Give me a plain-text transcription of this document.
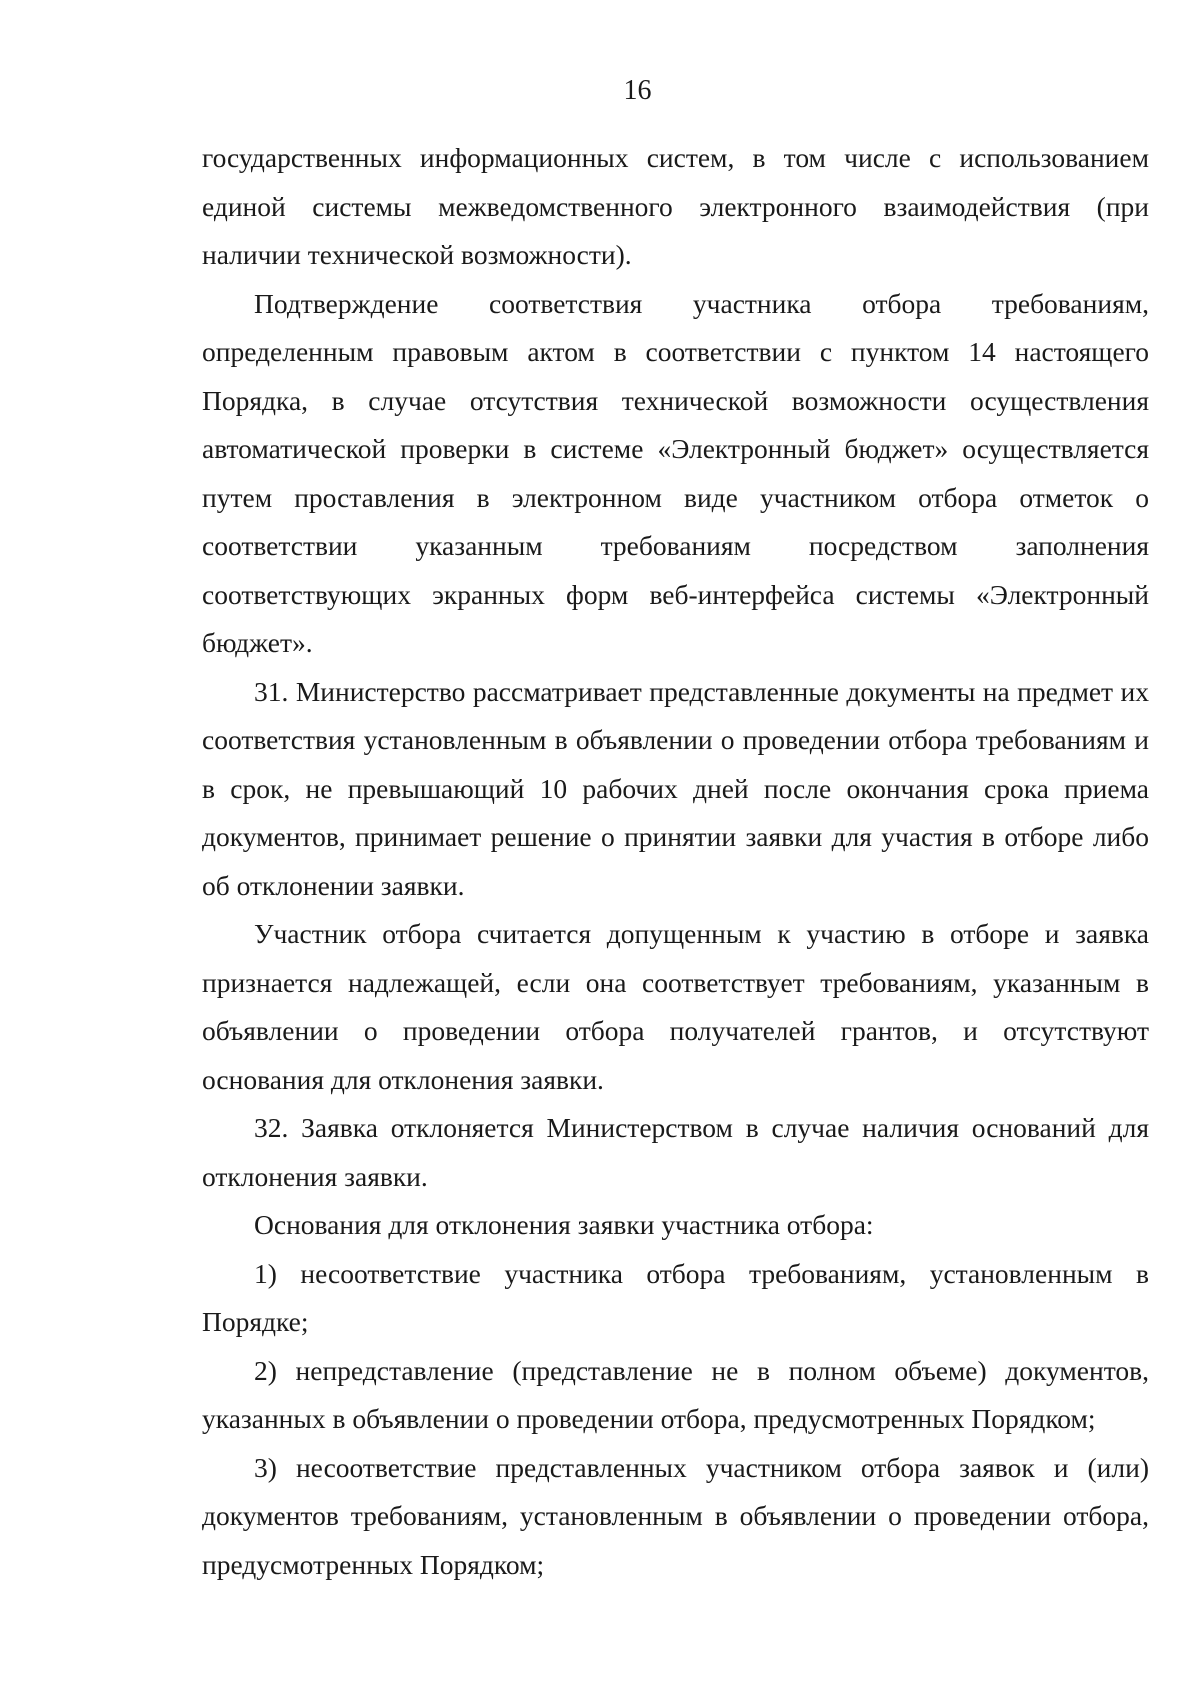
16

государственных информационных систем, в том числе с использованием единой системы межведомственного электронного взаимодействия (при наличии технической возможности).

Подтверждение соответствия участника отбора требованиям, определенным правовым актом в соответствии с пунктом 14 настоящего Порядка, в случае отсутствия технической возможности осуществления автоматической проверки в системе «Электронный бюджет» осуществляется путем проставления в электронном виде участником отбора отметок о соответствии указанным требованиям посредством заполнения соответствующих экранных форм веб-интерфейса системы «Электронный бюджет».

31. Министерство рассматривает представленные документы на предмет их соответствия установленным в объявлении о проведении отбора требованиям и в срок, не превышающий 10 рабочих дней после окончания срока приема документов, принимает решение о принятии заявки для участия в отборе либо об отклонении заявки.

Участник отбора считается допущенным к участию в отборе и заявка признается надлежащей, если она соответствует требованиям, указанным в объявлении о проведении отбора получателей грантов, и отсутствуют основания для отклонения заявки.

32. Заявка отклоняется Министерством в случае наличия оснований для отклонения заявки.

Основания для отклонения заявки участника отбора:

1) несоответствие участника отбора требованиям, установленным в Порядке;

2) непредставление (представление не в полном объеме) документов, указанных в объявлении о проведении отбора, предусмотренных Порядком;

3) несоответствие представленных участником отбора заявок и (или) документов требованиям, установленным в объявлении о проведении отбора, предусмотренных Порядком;
